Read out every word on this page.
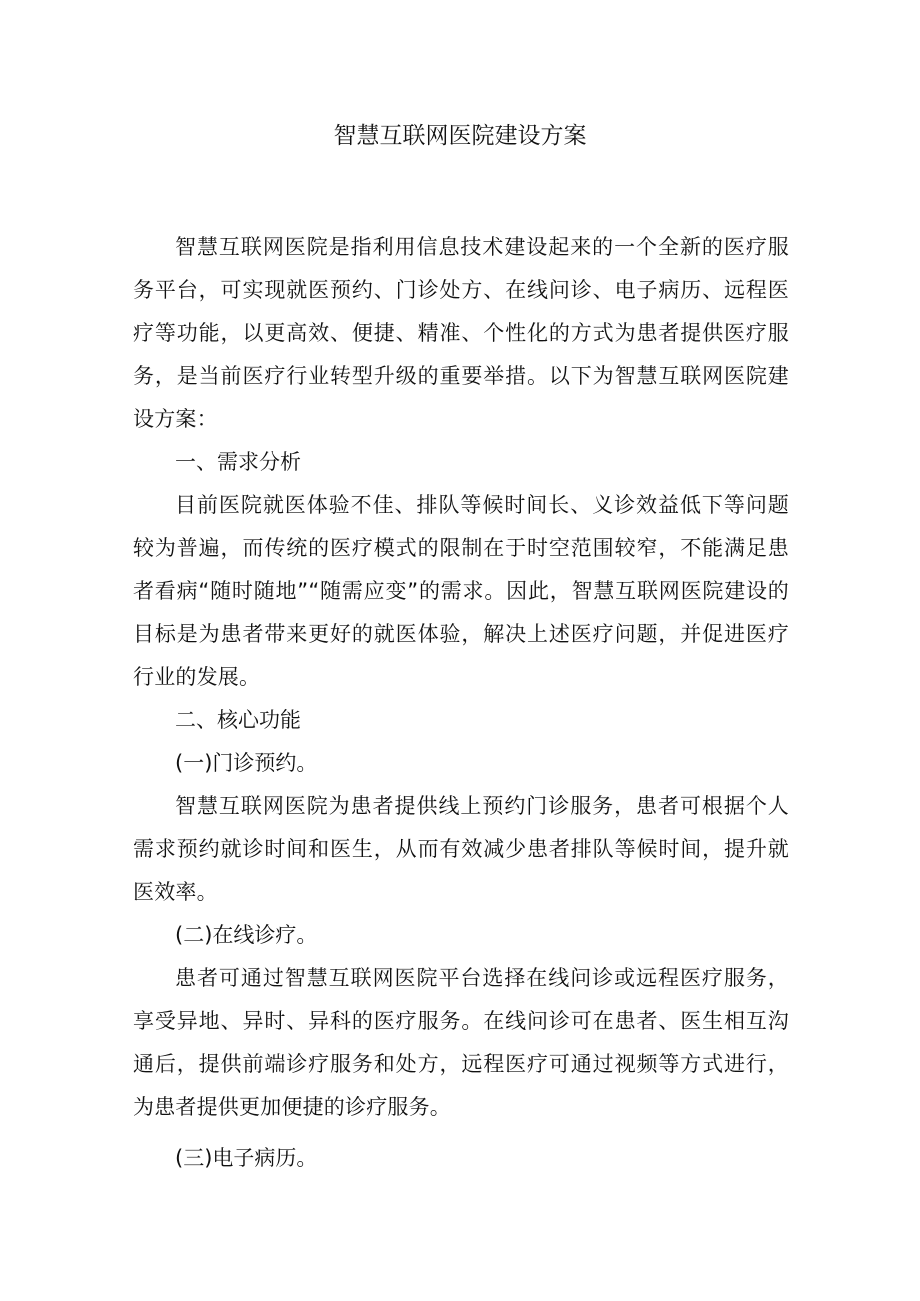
智慧互联网医院建设方案

智慧互联网医院是指利用信息技术建设起来的一个全新的医疗服务平台，可实现就医预约、门诊处方、在线问诊、电子病历、远程医疗等功能，以更高效、便捷、精准、个性化的方式为患者提供医疗服务，是当前医疗行业转型升级的重要举措。以下为智慧互联网医院建设方案：

一、需求分析

目前医院就医体验不佳、排队等候时间长、义诊效益低下等问题较为普遍，而传统的医疗模式的限制在于时空范围较窄，不能满足患者看病“随时随地”“随需应变”的需求。因此，智慧互联网医院建设的目标是为患者带来更好的就医体验，解决上述医疗问题，并促进医疗行业的发展。

二、核心功能

(一)门诊预约。

智慧互联网医院为患者提供线上预约门诊服务，患者可根据个人需求预约就诊时间和医生，从而有效减少患者排队等候时间，提升就医效率。

(二)在线诊疗。

患者可通过智慧互联网医院平台选择在线问诊或远程医疗服务，享受异地、异时、异科的医疗服务。在线问诊可在患者、医生相互沟通后，提供前端诊疗服务和处方，远程医疗可通过视频等方式进行，为患者提供更加便捷的诊疗服务。

(三)电子病历。
